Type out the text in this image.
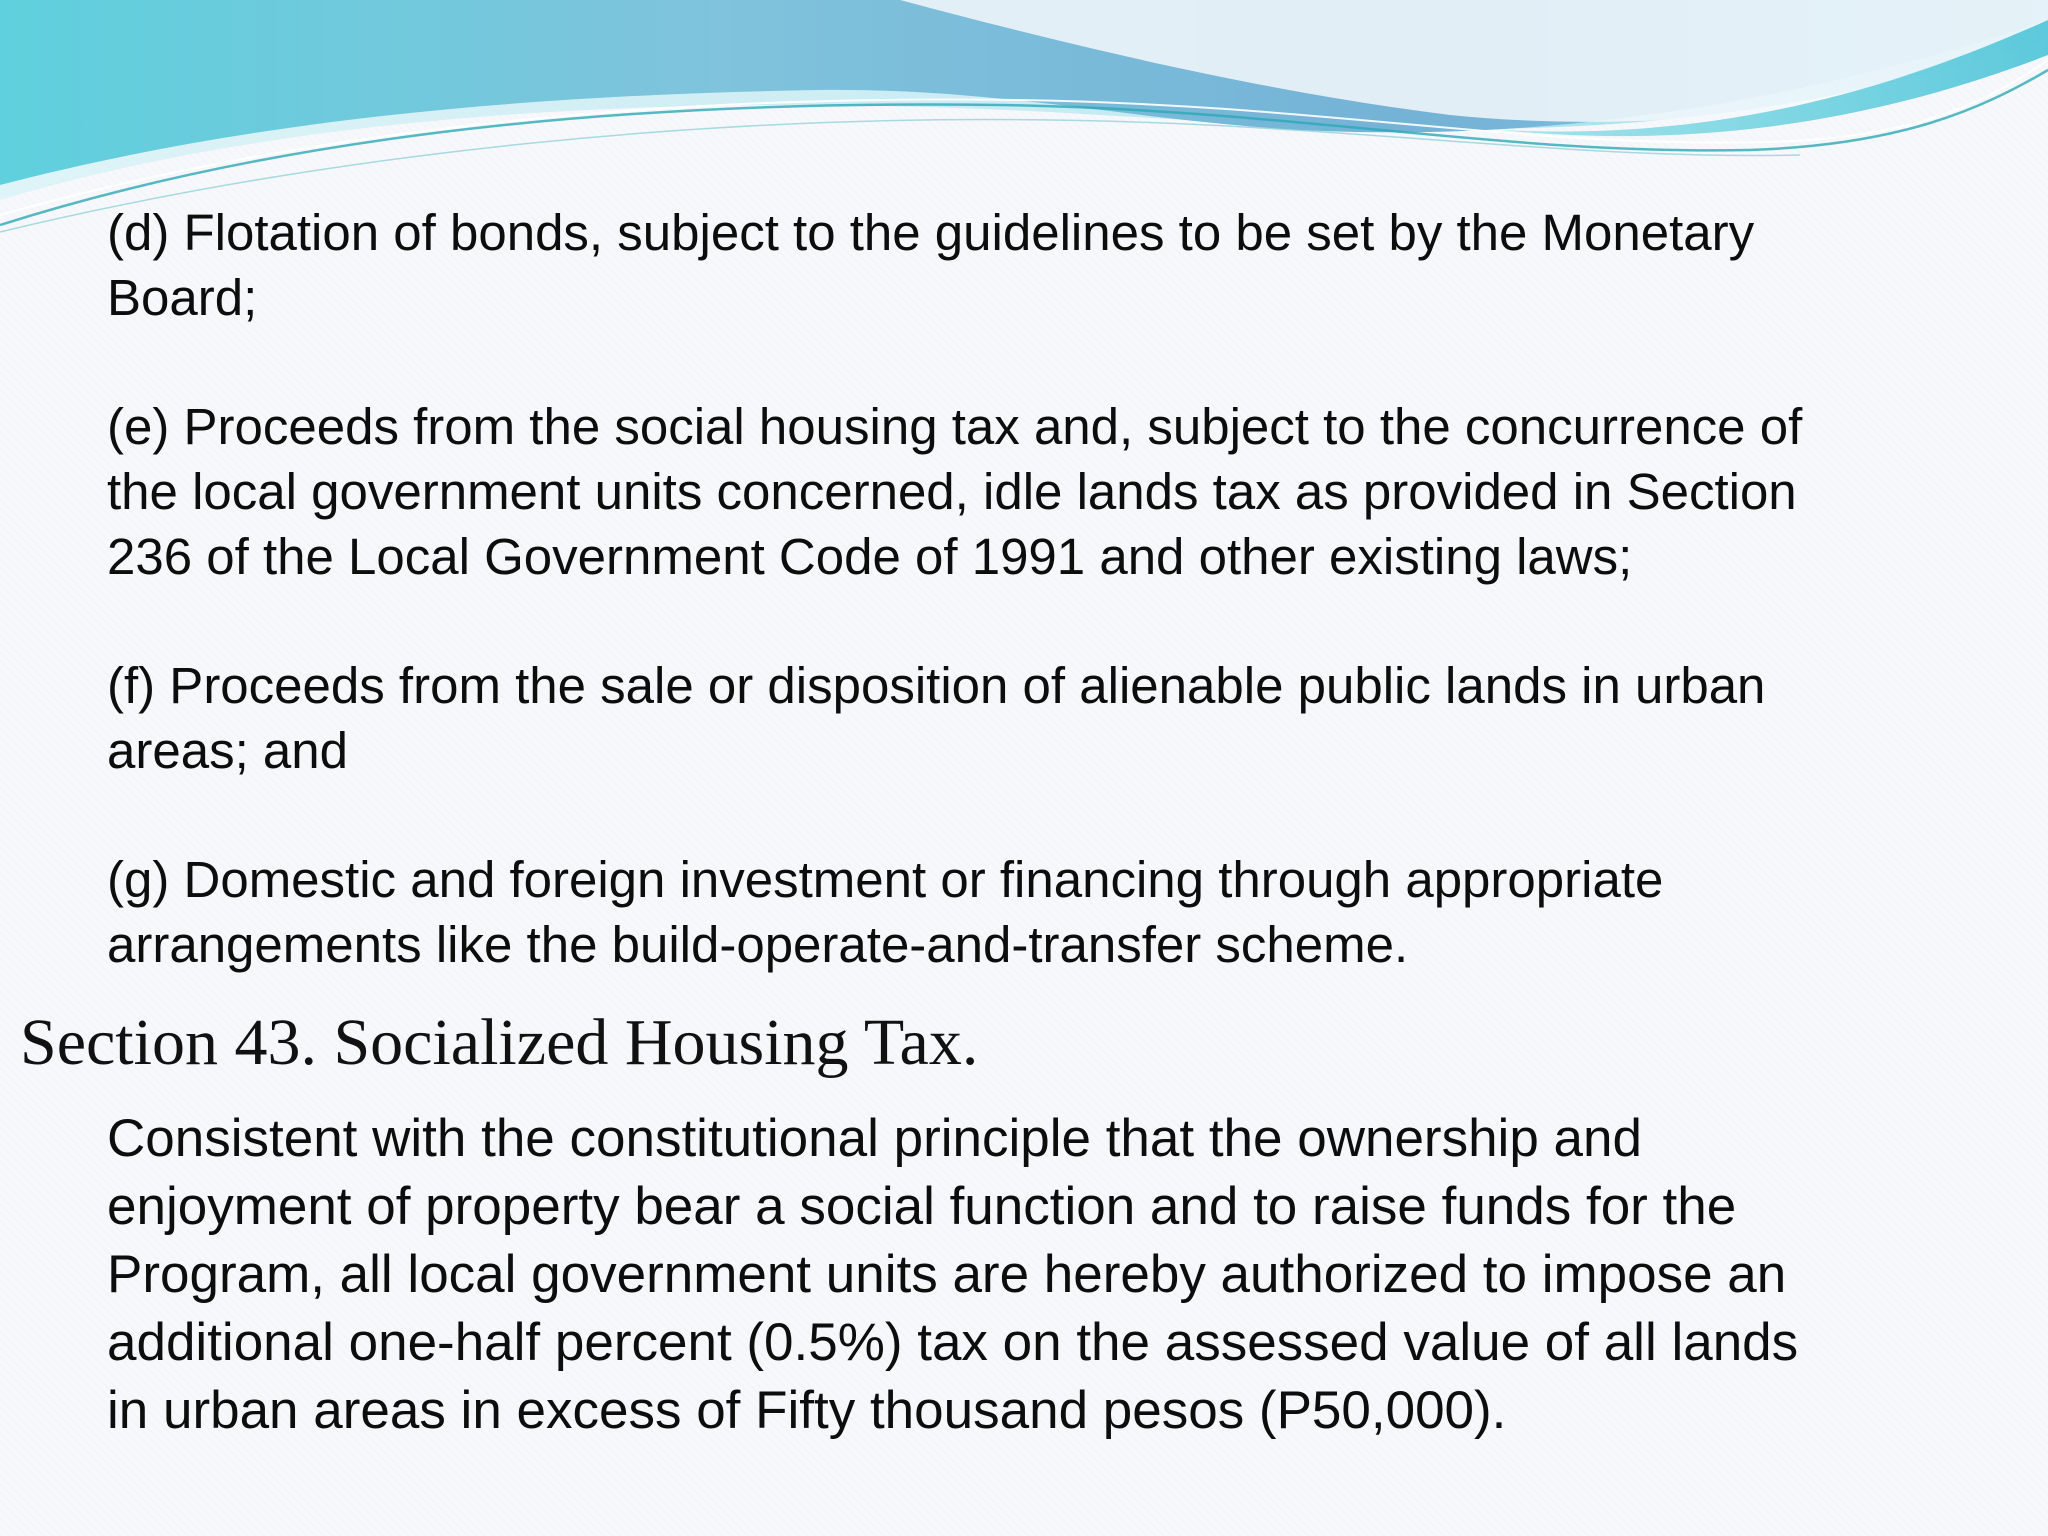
(d) Flotation of bonds, subject to the guidelines to be set by the Monetary
Board;

(e) Proceeds from the social housing tax and, subject to the concurrence of
the local government units concerned, idle lands tax as provided in Section
236 of the Local Government Code of 1991 and other existing laws;

(f) Proceeds from the sale or disposition of alienable public lands in urban
areas; and

(g) Domestic and foreign investment or financing through appropriate
arrangements like the build-operate-and-transfer scheme.

Section 43. Socialized Housing Tax.

Consistent with the constitutional principle that the ownership and
enjoyment of property bear a social function and to raise funds for the
Program, all local government units are hereby authorized to impose an
additional one-half percent (0.5%) tax on the assessed value of all lands
in urban areas in excess of Fifty thousand pesos (P50,000).
